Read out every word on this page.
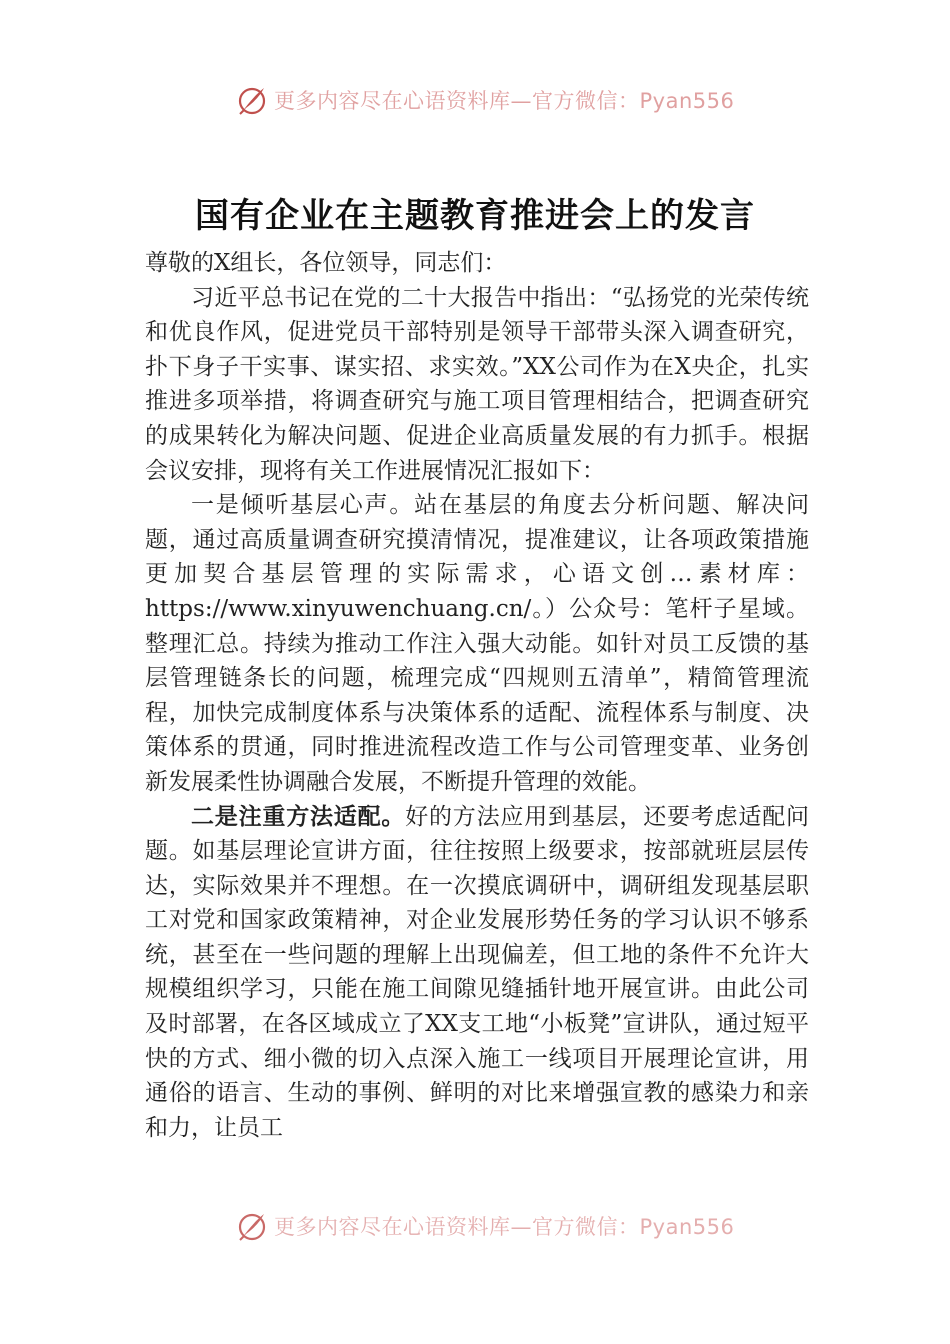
更多内容尽在心语资料库—官方微信：Pyan556
国有企业在主题教育推进会上的发言

尊敬的X组长，各位领导，同志们：

习近平总书记在党的二十大报告中指出：“弘扬党的光荣传统和优良作风，促进党员干部特别是领导干部带头深入调查研究，扑下身子干实事、谋实招、求实效。”XX公司作为在X央企，扎实推进多项举措，将调查研究与施工项目管理相结合，把调查研究的成果转化为解决问题、促进企业高质量发展的有力抓手。根据会议安排，现将有关工作进展情况汇报如下：

一是倾听基层心声。站在基层的角度去分析问题、解决问题，通过高质量调查研究摸清情况，提准建议，让各项政策措施更加契合基层管理的实际需求，心语文创…素材库：https://www.xinyuwenchuang.cn/。）公众号：笔杆子星域。整理汇总。持续为推动工作注入强大动能。如针对员工反馈的基层管理链条长的问题，梳理完成“四规则五清单”，精简管理流程，加快完成制度体系与决策体系的适配、流程体系与制度、决策体系的贯通，同时推进流程改造工作与公司管理变革、业务创新发展柔性协调融合发展，不断提升管理的效能。

二是注重方法适配。好的方法应用到基层，还要考虑适配问题。如基层理论宣讲方面，往往按照上级要求，按部就班层层传达，实际效果并不理想。在一次摸底调研中，调研组发现基层职工对党和国家政策精神，对企业发展形势任务的学习认识不够系统，甚至在一些问题的理解上出现偏差，但工地的条件不允许大规模组织学习，只能在施工间隙见缝插针地开展宣讲。由此公司及时部署，在各区域成立了XX支工地“小板凳”宣讲队，通过短平快的方式、细小微的切入点深入施工一线项目开展理论宣讲，用通俗的语言、生动的事例、鲜明的对比来增强宣教的感染力和亲和力，让员工

更多内容尽在心语资料库—官方微信：Pyan556
